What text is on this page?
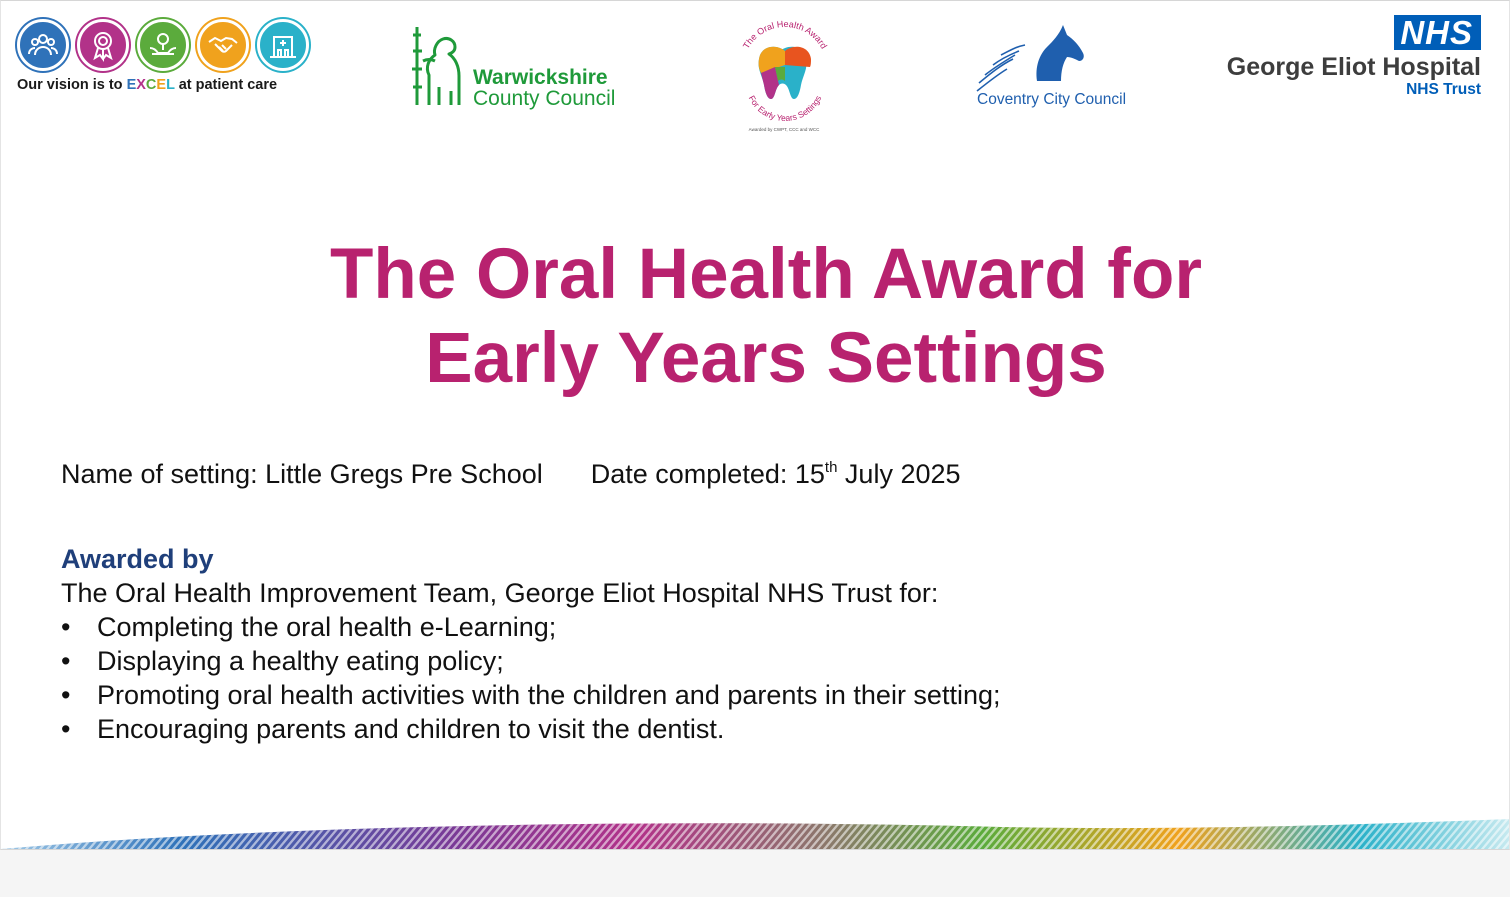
Our vision is to EXCEL at patient care	Warwickshire
County Council
The Oral Health Award
For Early Years Settings
Awarded by CWPT, CCC and WCC
Coventry City Council
NHS
George Eliot Hospital
NHS Trust
The Oral Health Award for
Early Years Settings
Name of setting: Little Gregs Pre School Date completed: 15th July 2025
Awarded by
The Oral Health Improvement Team, George Eliot Hospital NHS Trust for:
• Completing the oral health e-Learning;
• Displaying a healthy eating policy;
• Promoting oral health activities with the children and parents in their setting;
• Encouraging parents and children to visit the dentist.
